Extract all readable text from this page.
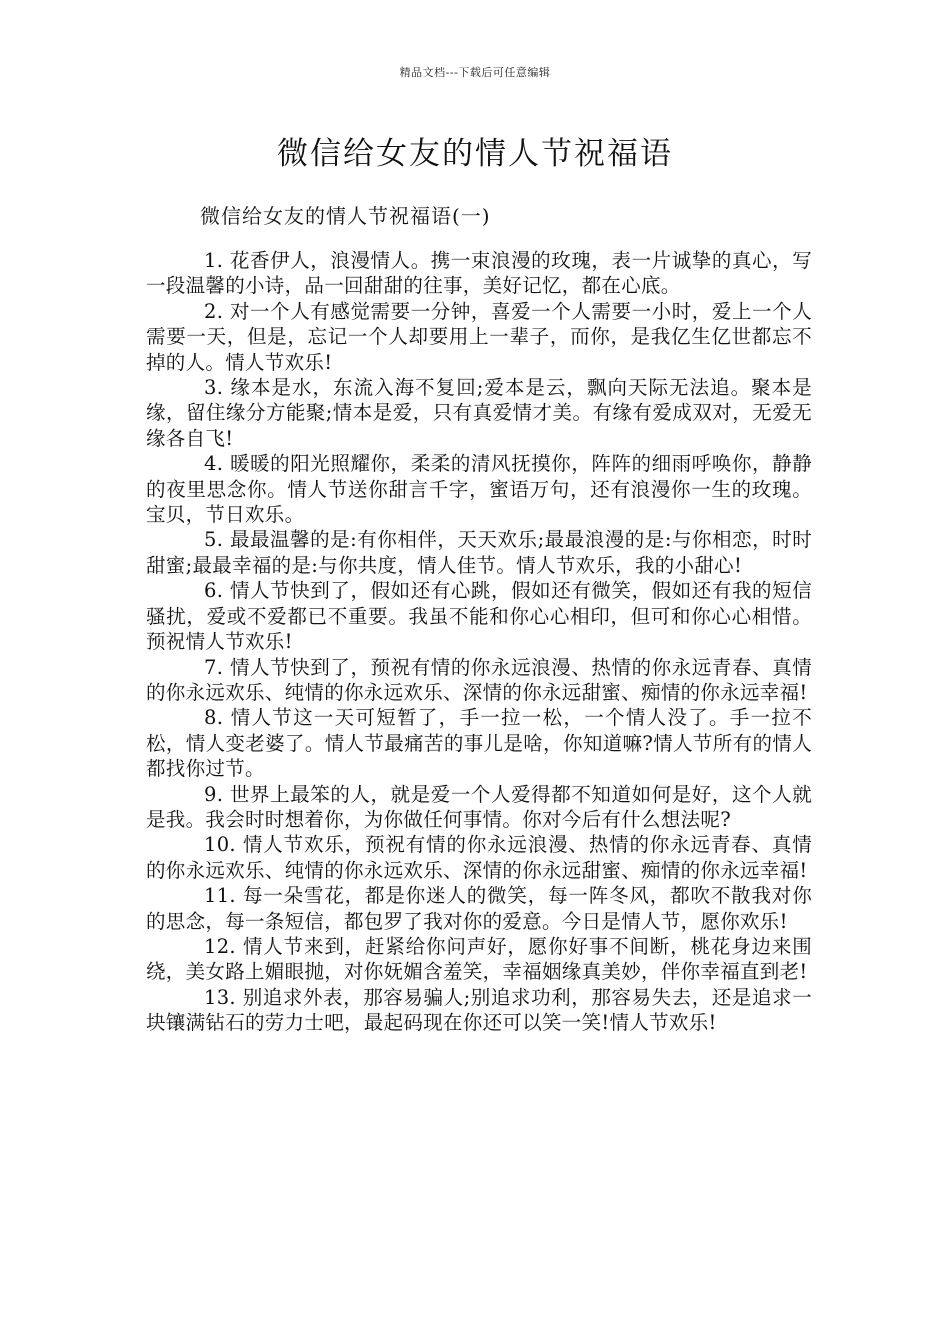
精品文档---下载后可任意编辑
微信给女友的情人节祝福语
微信给女友的情人节祝福语(一)

1. 花香伊人，浪漫情人。携一束浪漫的玫瑰，表一片诚挚的真心，写一段温馨的小诗，品一回甜甜的往事，美好记忆，都在心底。

2. 对一个人有感觉需要一分钟，喜爱一个人需要一小时，爱上一个人需要一天，但是，忘记一个人却要用上一辈子，而你，是我亿生亿世都忘不掉的人。情人节欢乐!

3. 缘本是水，东流入海不复回;爱本是云，飘向天际无法追。聚本是缘，留住缘分方能聚;情本是爱，只有真爱情才美。有缘有爱成双对，无爱无缘各自飞!

4. 暖暖的阳光照耀你，柔柔的清风抚摸你，阵阵的细雨呼唤你，静静的夜里思念你。情人节送你甜言千字，蜜语万句，还有浪漫你一生的玫瑰。宝贝，节日欢乐。

5. 最最温馨的是:有你相伴，天天欢乐;最最浪漫的是:与你相恋，时时甜蜜;最最幸福的是:与你共度，情人佳节。情人节欢乐，我的小甜心!

6. 情人节快到了，假如还有心跳，假如还有微笑，假如还有我的短信骚扰，爱或不爱都已不重要。我虽不能和你心心相印，但可和你心心相惜。预祝情人节欢乐!

7. 情人节快到了，预祝有情的你永远浪漫、热情的你永远青春、真情的你永远欢乐、纯情的你永远欢乐、深情的你永远甜蜜、痴情的你永远幸福!

8. 情人节这一天可短暂了，手一拉一松，一个情人没了。手一拉不松，情人变老婆了。情人节最痛苦的事儿是啥，你知道嘛?情人节所有的情人都找你过节。

9. 世界上最笨的人，就是爱一个人爱得都不知道如何是好，这个人就是我。我会时时想着你，为你做任何事情。你对今后有什么想法呢?

10. 情人节欢乐，预祝有情的你永远浪漫、热情的你永远青春、真情的你永远欢乐、纯情的你永远欢乐、深情的你永远甜蜜、痴情的你永远幸福!

11. 每一朵雪花，都是你迷人的微笑，每一阵冬风，都吹不散我对你的思念，每一条短信，都包罗了我对你的爱意。今日是情人节，愿你欢乐!

12. 情人节来到，赶紧给你问声好，愿你好事不间断，桃花身边来围绕，美女路上媚眼抛，对你妩媚含羞笑，幸福姻缘真美妙，伴你幸福直到老!

13. 别追求外表，那容易骗人;别追求功利，那容易失去，还是追求一块镶满钻石的劳力士吧，最起码现在你还可以笑一笑!情人节欢乐!
